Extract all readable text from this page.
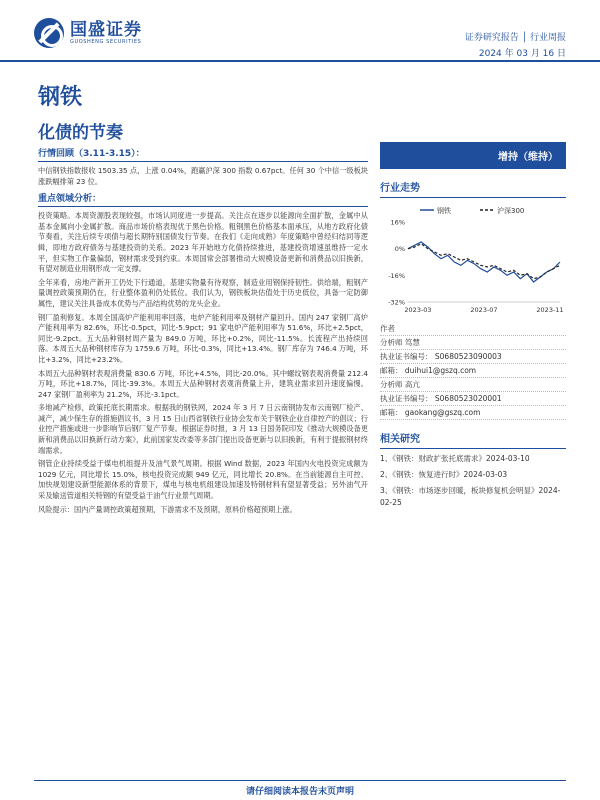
国盛证券
GUOSHENG SECURITIES	证券研究报告 │ 行业周报
2024 年 03 月 16 日
钢铁
化债的节奏
行情回顾（3.11-3.15）：
中信钢铁指数报收 1503.35 点，上涨 0.04%，跑赢沪深 300 指数 0.67pct。任何 30 个中信一级板块涨跌幅排第 23 位。
重点领域分析：
投资策略。本周资源股表现较强，市场认同度进一步提高。关注点在逐步以能源向全面扩散，金属中从基本金属向小金属扩散。商品市场价格表现优于黑色价格。粗钢黑色价格基本面承压，从地方政府化债节奏看，关注后续专项债与超长期特别国债发行节奏。在我们《走向成熟》年度策略中曾经归结同等逻辑，即地方政府债务与基建投资的关系。2023 年开始地方化债持续推进，基建投资增速虽维持一定水平，但实物工作量偏弱，钢材需求受到约束。本周国常会部署推动大规模设备更新和消费品以旧换新，有望对制造业用钢形成一定支撑。
全年来看，房地产新开工仍处下行通道，基建实物量有待观察，制造业用钢保持韧性。供给端，粗钢产量调控政策预期仍在，行业整体盈利仍处低位。我们认为，钢铁板块估值处于历史低位，具备一定防御属性，建议关注具备成本优势与产品结构优势的龙头企业。
钢厂盈利修复。本周全国高炉产能利用率回落，电炉产能利用率及钢材产量回升。国内 247 家钢厂高炉产能利用率为 82.6%，环比-0.5pct，同比-5.9pct；91 家电炉产能利用率为 51.6%，环比+2.5pct，同比-9.2pct。五大品种钢材周产量为 849.0 万吨，环比+0.2%，同比-11.5%。长流程产出持续回落。本周五大品种钢材库存为 1759.6 万吨，环比-0.3%，同比+13.4%。钢厂库存为 746.4 万吨，环比+3.2%，同比+23.2%。
本周五大品种钢材表观消费量 830.6 万吨，环比+4.5%，同比-20.0%。其中螺纹钢表观消费量 212.4 万吨，环比+18.7%，同比-39.3%。本周五大品种钢材表观消费量上升，建筑业需求回升速度偏慢。247 家钢厂盈利率为 21.2%，环比-3.1pct。
多地减产检修，政策托底长期需求。根据我的钢铁网，2024 年 3 月 7 日云南钢协发布云南钢厂检产、减产，减少保生存的措施倡议书，3 月 15 日山西省钢铁行业协会发布关于钢铁企业自律控产的倡议；行业控产措施或进一步影响节后钢厂复产节奏。根据证券时报，3 月 13 日国务院印发《推动大规模设备更新和消费品以旧换新行动方案》，此前国家发改委等多部门提出设备更新与以旧换新，有利于提振钢材终端需求。
钢管企业持续受益于煤电机组提升及油气景气周期。根据 Wind 数据，2023 年国内火电投资完成额为 1029 亿元，同比增长 15.0%，核电投资完成额 949 亿元，同比增长 20.8%。在当前能源自主可控、加快规划建设新型能源体系的背景下，煤电与核电机组建设加速及特钢材料有望显著受益；另外油气开采及输送管道相关特钢的有望受益于油气行业景气周期。
风险提示：国内产量调控政策超预期，下游需求不及预期，原料价格超预期上涨。
增持（维持）
行业走势
钢铁	沪深300
16%
0%
-16%
-32%
2023-03	2023-07	2023-11
作者
分析师 笃慧
执业证书编号： S0680523090003
邮箱： duihui1@gszq.com
分析师 高亢
执业证书编号： S0680523020001
邮箱： gaokang@gszq.com
相关研究
1、《钢铁：财政扩张托底需求》2024-03-10
2、《钢铁：恢复进行时》2024-03-03
3、《钢铁：市场逐步回暖，板块修复机会明显》2024-02-25
请仔细阅读本报告末页声明
